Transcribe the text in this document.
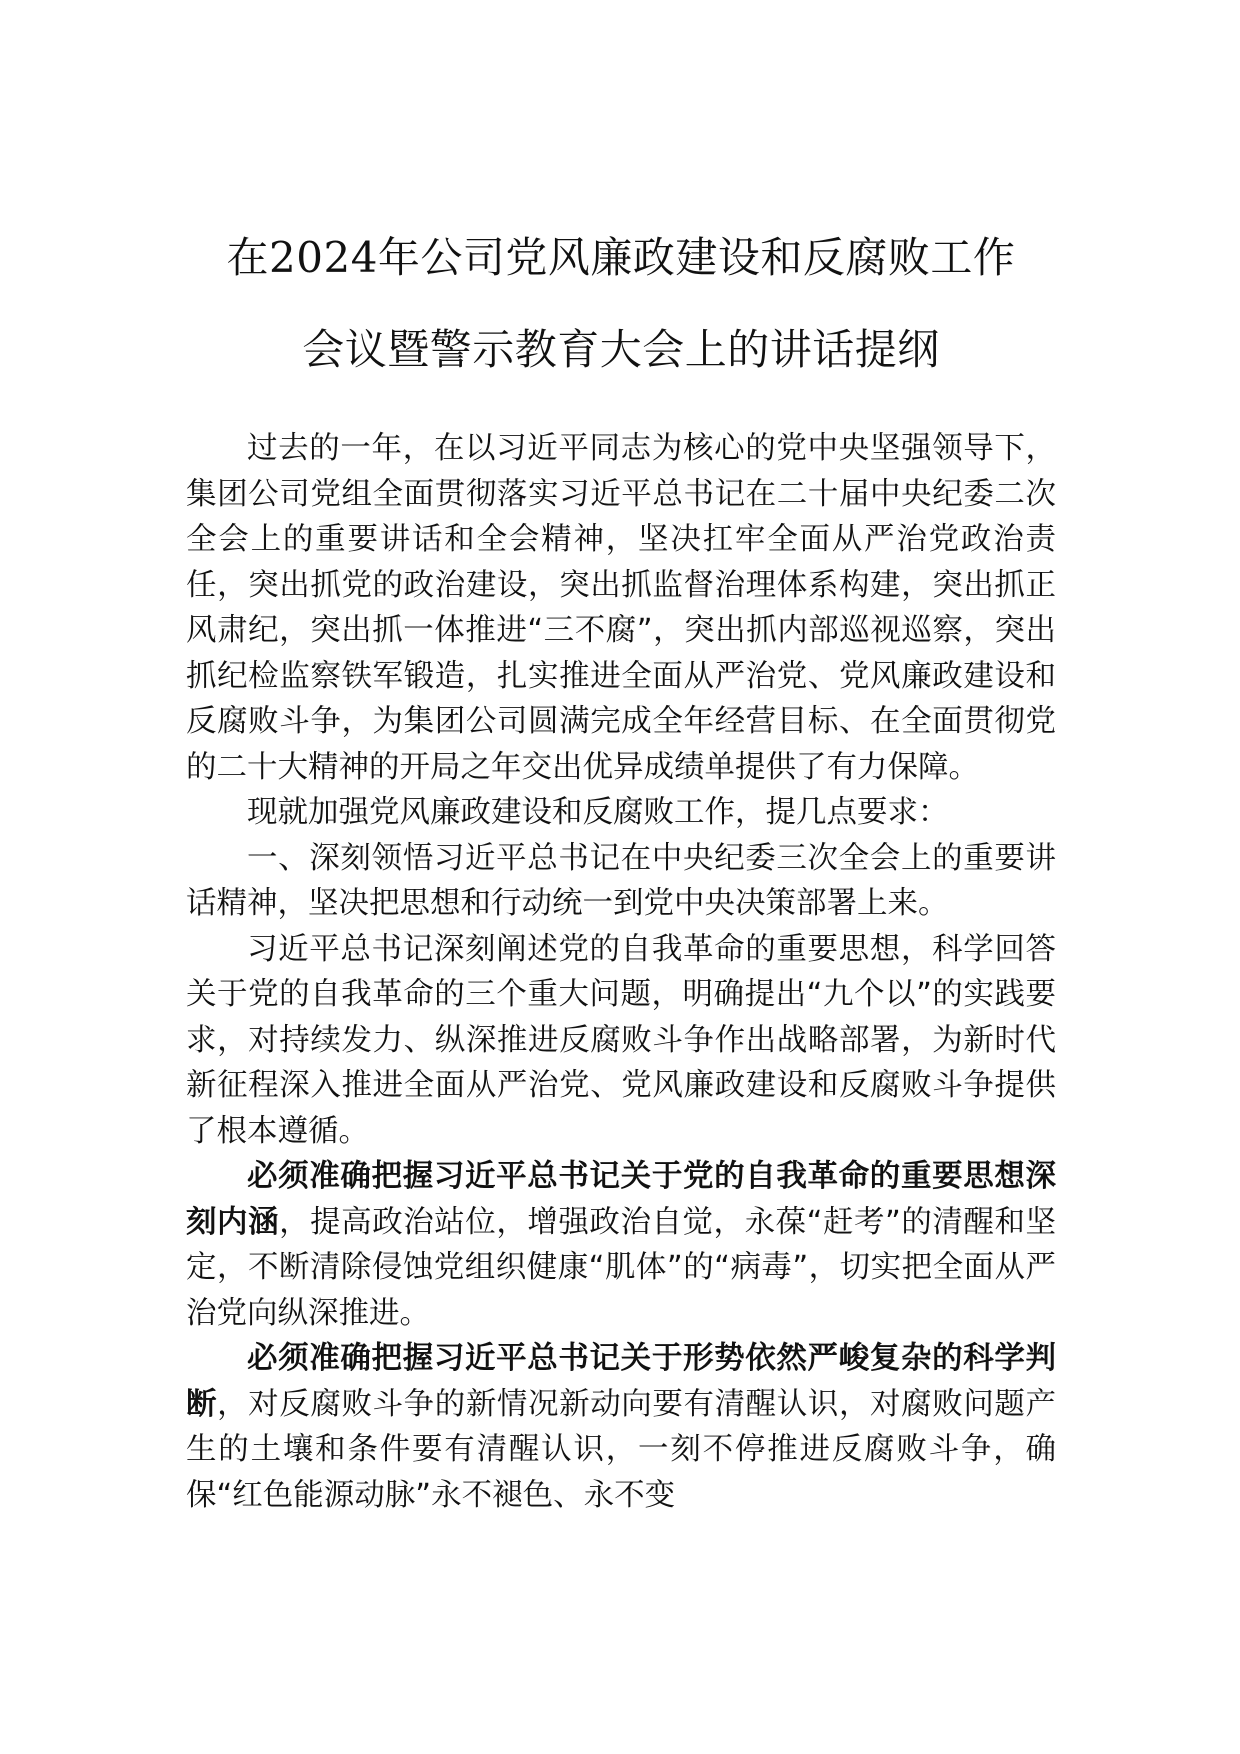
在2024年公司党风廉政建设和反腐败工作
会议暨警示教育大会上的讲话提纲

过去的一年，在以习近平同志为核心的党中央坚强领导下，集团公司党组全面贯彻落实习近平总书记在二十届中央纪委二次全会上的重要讲话和全会精神，坚决扛牢全面从严治党政治责任，突出抓党的政治建设，突出抓监督治理体系构建，突出抓正风肃纪，突出抓一体推进“三不腐”，突出抓内部巡视巡察，突出抓纪检监察铁军锻造，扎实推进全面从严治党、党风廉政建设和反腐败斗争，为集团公司圆满完成全年经营目标、在全面贯彻党的二十大精神的开局之年交出优异成绩单提供了有力保障。

现就加强党风廉政建设和反腐败工作，提几点要求：

一、深刻领悟习近平总书记在中央纪委三次全会上的重要讲话精神，坚决把思想和行动统一到党中央决策部署上来。

习近平总书记深刻阐述党的自我革命的重要思想，科学回答关于党的自我革命的三个重大问题，明确提出“九个以”的实践要求，对持续发力、纵深推进反腐败斗争作出战略部署，为新时代新征程深入推进全面从严治党、党风廉政建设和反腐败斗争提供了根本遵循。

必须准确把握习近平总书记关于党的自我革命的重要思想深刻内涵，提高政治站位，增强政治自觉，永葆“赶考”的清醒和坚定，不断清除侵蚀党组织健康“肌体”的“病毒”，切实把全面从严治党向纵深推进。

必须准确把握习近平总书记关于形势依然严峻复杂的科学判断，对反腐败斗争的新情况新动向要有清醒认识，对腐败问题产生的土壤和条件要有清醒认识，一刻不停推进反腐败斗争，确保“红色能源动脉”永不褪色、永不变
